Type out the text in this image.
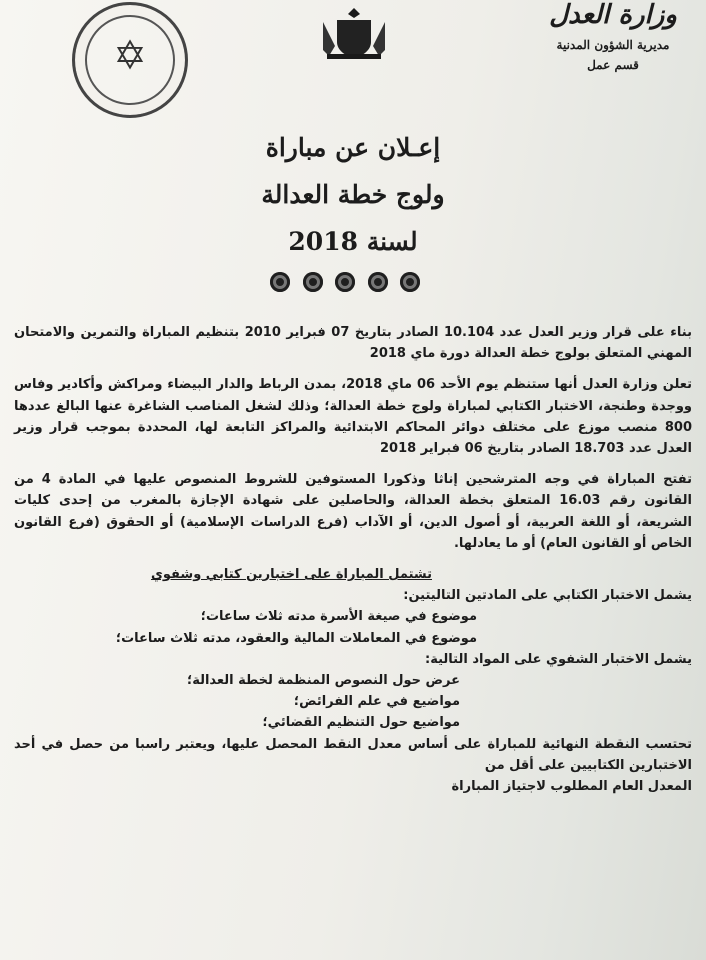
✡
وزارة العدل
مديرية الشؤون المدنية
قسم عمل
إعـلان عن مباراة
ولوج خطة العدالة
لسنة 2018

بناء على قرار وزير العدل عدد 10.104 الصادر بتاريخ 07 فبراير 2010 بتنظيم المباراة والتمرين والامتحان المهني المتعلق بولوج خطة العدالة دورة ماي 2018

تعلن وزارة العدل أنها ستنظم يوم الأحد 06 ماي 2018، بمدن الرباط والدار البيضاء ومراكش وأكادير وفاس ووجدة وطنجة، الاختبار الكتابي لمباراة ولوج خطة العدالة؛ وذلك لشغل المناصب الشاغرة عنها البالغ عددها 800 منصب موزع على مختلف دوائر المحاكم الابتدائية والمراكز التابعة لها، المحددة بموجب قرار وزير العدل عدد 18.703 الصادر بتاريخ 06 فبراير 2018

تفتح المباراة في وجه المترشحين إناثا وذكورا المستوفين للشروط المنصوص عليها في المادة 4 من القانون رقم 16.03 المتعلق بخطة العدالة، والحاصلين على شهادة الإجازة بالمغرب من إحدى كليات الشريعة، أو اللغة العربية، أو أصول الدين، أو الآداب (فرع الدراسات الإسلامية) أو الحقوق (فرع القانون الخاص أو القانون العام) أو ما يعادلها.

تشتمل المباراة على اختبارين كتابي وشفوي

يشمل الاختبار الكتابي على المادتين التاليتين:

موضوع في صيغة الأسرة مدته ثلاث ساعات؛

موضوع في المعاملات المالية والعقود، مدته ثلاث ساعات؛

يشمل الاختبار الشفوي على المواد التالية:

عرض حول النصوص المنظمة لخطة العدالة؛

مواضيع في علم الفرائض؛

مواضيع حول التنظيم القضائي؛

تحتسب النقطة النهائية للمباراة على أساس معدل النقط المحصل عليها، ويعتبر راسبا من حصل في أحد الاختبارين الكتابيين على أقل من

المعدل العام المطلوب لاجتياز المباراة
